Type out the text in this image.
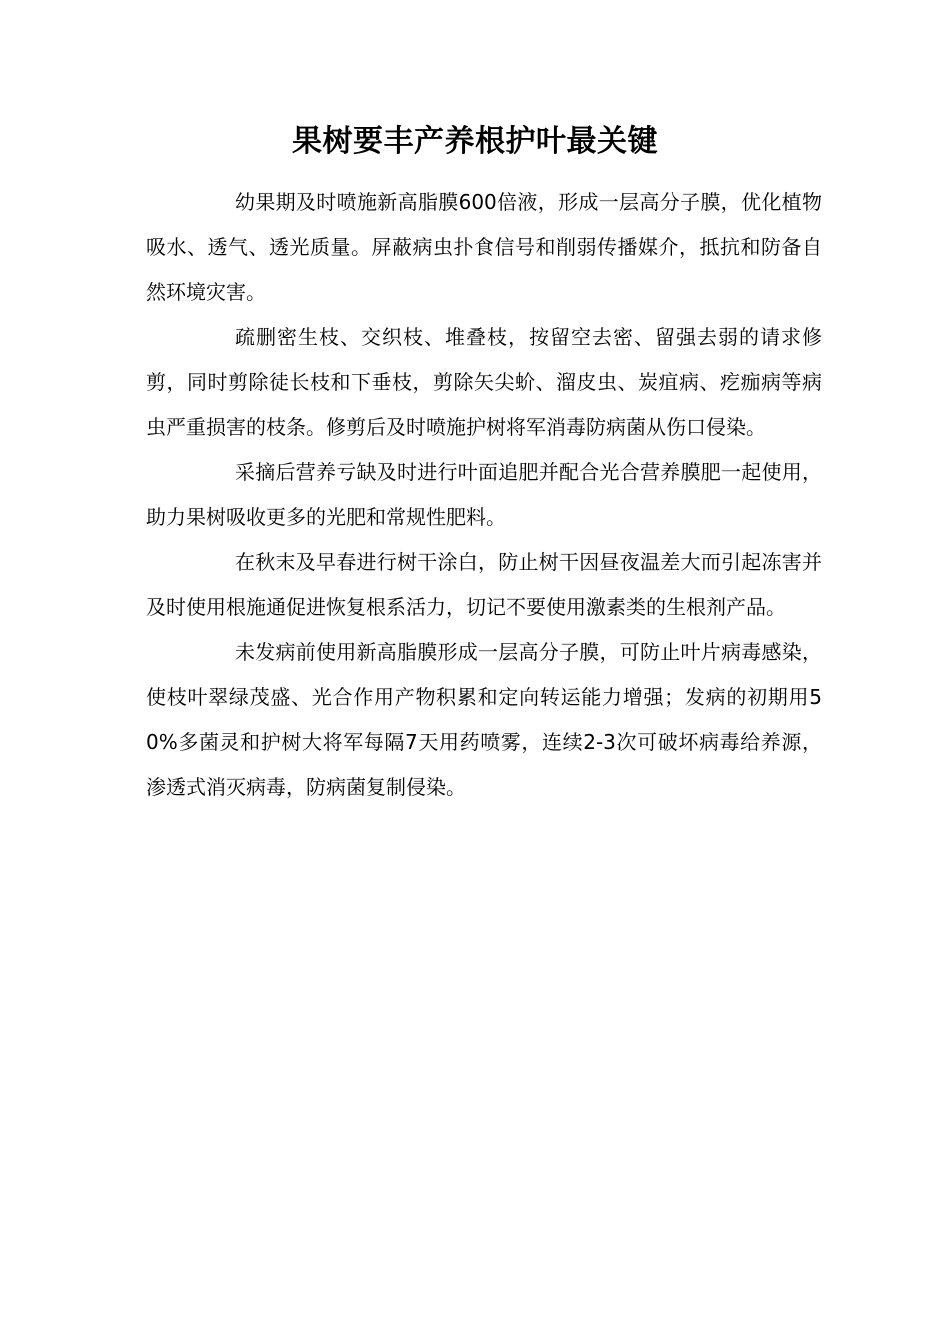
果树要丰产养根护叶最关键

幼果期及时喷施新高脂膜600倍液，形成一层高分子膜，优化植物吸水、透气、透光质量。屏蔽病虫扑食信号和削弱传播媒介，抵抗和防备自然环境灾害。

疏删密生枝、交织枝、堆叠枝，按留空去密、留强去弱的请求修剪，同时剪除徒长枝和下垂枝，剪除矢尖蚧、溜皮虫、炭疽病、疙痂病等病虫严重损害的枝条。修剪后及时喷施护树将军消毒防病菌从伤口侵染。

采摘后营养亏缺及时进行叶面追肥并配合光合营养膜肥一起使用，助力果树吸收更多的光肥和常规性肥料。

在秋末及早春进行树干涂白，防止树干因昼夜温差大而引起冻害并及时使用根施通促进恢复根系活力，切记不要使用激素类的生根剂产品。

未发病前使用新高脂膜形成一层高分子膜，可防止叶片病毒感染，使枝叶翠绿茂盛、光合作用产物积累和定向转运能力增强；发病的初期用50%多菌灵和护树大将军每隔7天用药喷雾，连续2-3次可破坏病毒给养源，渗透式消灭病毒，防病菌复制侵染。
